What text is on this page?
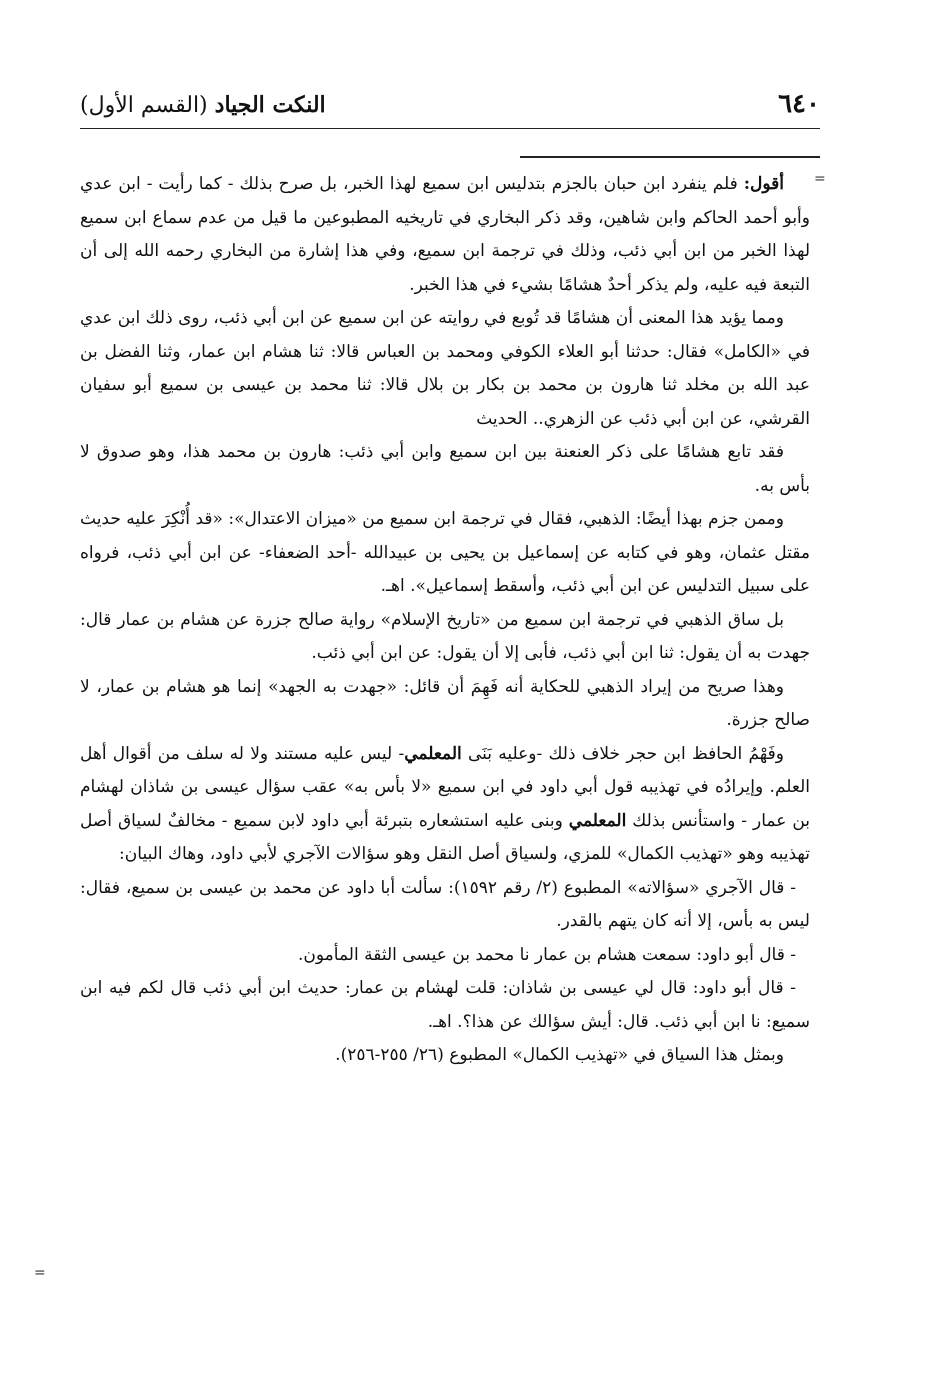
٦٤٠
النكت الجياد (القسم الأول)
=
=

أقول: فلم ينفرد ابن حبان بالجزم بتدليس ابن سميع لهذا الخبر، بل صرح بذلك - كما رأيت - ابن عدي وأبو أحمد الحاكم وابن شاهين، وقد ذكر البخاري في تاريخيه المطبوعين ما قيل من عدم سماع ابن سميع لهذا الخبر من ابن أبي ذئب، وذلك في ترجمة ابن سميع، وفي هذا إشارة من البخاري رحمه الله إلى أن التبعة فيه عليه، ولم يذكر أحدٌ هشامًا بشيء في هذا الخبر.

ومما يؤيد هذا المعنى أن هشامًا قد تُوبع في روايته عن ابن سميع عن ابن أبي ذئب، روى ذلك ابن عدي في «الكامل» فقال: حدثنا أبو العلاء الكوفي ومحمد بن العباس قالا: ثنا هشام ابن عمار، وثنا الفضل بن عبد الله بن مخلد ثنا هارون بن محمد بن بكار بن بلال قالا: ثنا محمد بن عيسى بن سميع أبو سفيان القرشي، عن ابن أبي ذئب عن الزهري.. الحديث

فقد تابع هشامًا على ذكر العنعنة بين ابن سميع وابن أبي ذئب: هارون بن محمد هذا، وهو صدوق لا بأس به.

وممن جزم بهذا أيضًا: الذهبي، فقال في ترجمة ابن سميع من «ميزان الاعتدال»: «قد أُنْكِرَ عليه حديث مقتل عثمان، وهو في كتابه عن إسماعيل بن يحيى بن عبيدالله -أحد الضعفاء- عن ابن أبي ذئب، فرواه على سبيل التدليس عن ابن أبي ذئب، وأسقط إسماعيل». اهـ.

بل ساق الذهبي في ترجمة ابن سميع من «تاريخ الإسلام» رواية صالح جزرة عن هشام بن عمار قال: جهدت به أن يقول: ثنا ابن أبي ذئب، فأبى إلا أن يقول: عن ابن أبي ذئب.

وهذا صريح من إيراد الذهبي للحكاية أنه فَهِمَ أن قائل: «جهدت به الجهد» إنما هو هشام بن عمار، لا صالح جزرة.

وفَهْمُ الحافظ ابن حجر خلاف ذلك -وعليه بَنَى المعلمي- ليس عليه مستند ولا له سلف من أقوال أهل العلم. وإيرادُه في تهذيبه قول أبي داود في ابن سميع «لا بأس به» عقب سؤال عيسى بن شاذان لهشام بن عمار - واستأنس بذلك المعلمي وبنى عليه استشعاره بتبرئة أبي داود لابن سميع - مخالفٌ لسياق أصل تهذيبه وهو «تهذيب الكمال» للمزي، ولسياق أصل النقل وهو سؤالات الآجري لأبي داود، وهاك البيان:

- قال الآجري «سؤالاته» المطبوع (٢/ رقم ١٥٩٢): سألت أبا داود عن محمد بن عيسى بن سميع، فقال: ليس به بأس، إلا أنه كان يتهم بالقدر.

- قال أبو داود: سمعت هشام بن عمار نا محمد بن عيسى الثقة المأمون.

- قال أبو داود: قال لي عيسى بن شاذان: قلت لهشام بن عمار: حديث ابن أبي ذئب قال لكم فيه ابن سميع: نا ابن أبي ذئب. قال: أيش سؤالك عن هذا؟. اهـ.

وبمثل هذا السياق في «تهذيب الكمال» المطبوع (٢٦/ ٢٥٥-٢٥٦).
